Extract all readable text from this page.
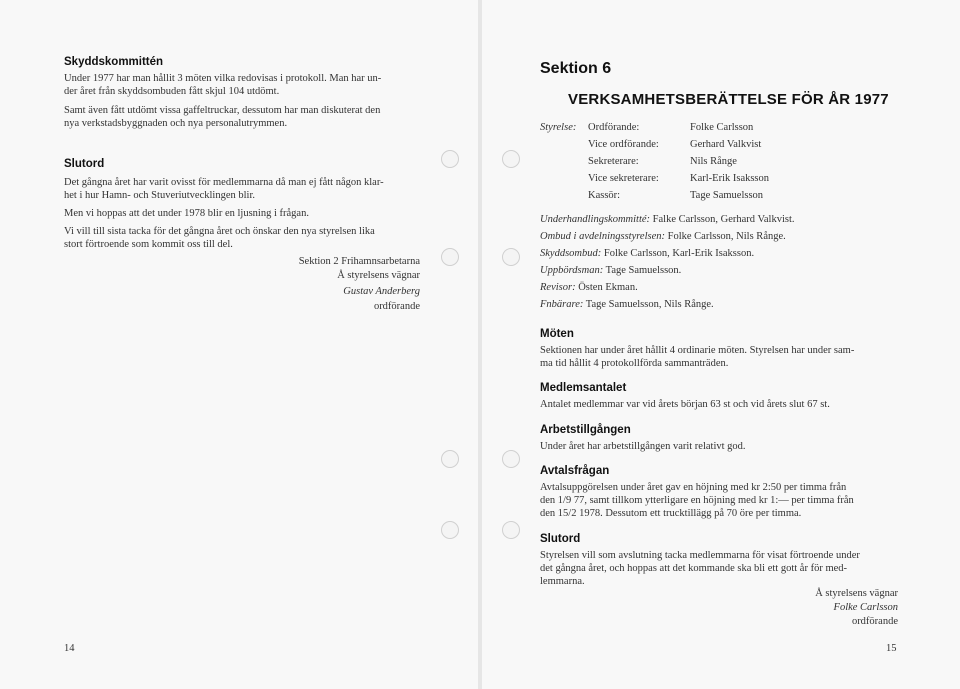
Skyddskommittén
Under 1977 har man hållit 3 möten vilka redovisas i protokoll. Man har un-
der året från skyddsombuden fått skjul 104 utdömt.
Samt även fått utdömt vissa gaffeltruckar, dessutom har man diskuterat den
nya verkstadsbyggnaden och nya personalutrymmen.
Slutord
Det gångna året har varit ovisst för medlemmarna då man ej fått någon klar-
het i hur Hamn- och Stuveriutvecklingen blir.
Men vi hoppas att det under 1978 blir en ljusning i frågan.
Vi vill till sista tacka för det gångna året och önskar den nya styrelsen lika
stort förtroende som kommit oss till del.
Sektion 2 Frihamnsarbetarna
Å styrelsens vägnar
Gustav Anderberg
ordförande
14
Sektion 6
VERKSAMHETSBERÄTTELSE FÖR ÅR 1977
Styrelse: Ordförande:	Folke Carlsson
Vice ordförande:	Gerhard Valkvist
Sekreterare:	Nils Rånge
Vice sekreterare:	Karl-Erik Isaksson
Kassör:	Tage Samuelsson
Underhandlingskommitté: Falke Carlsson, Gerhard Valkvist.
Ombud i avdelningsstyrelsen: Folke Carlsson, Nils Rånge.
Skyddsombud: Folke Carlsson, Karl-Erik Isaksson.
Uppbördsman: Tage Samuelsson.
Revisor: Östen Ekman.
Fnbärare: Tage Samuelsson, Nils Rånge.
Möten
Sektionen har under året hållit 4 ordinarie möten. Styrelsen har under sam-
ma tid hållit 4 protokollförda sammanträden.
Medlemsantalet
Antalet medlemmar var vid årets början 63 st och vid årets slut 67 st.
Arbetstillgången
Under året har arbetstillgången varit relativt god.
Avtalsfrågan
Avtalsuppgörelsen under året gav en höjning med kr 2:50 per timma från
den 1/9 77, samt tillkom ytterligare en höjning med kr 1:— per timma från
den 15/2 1978. Dessutom ett trucktillägg på 70 öre per timma.
Slutord
Styrelsen vill som avslutning tacka medlemmarna för visat förtroende under
det gångna året, och hoppas att det kommande ska bli ett gott år för med-
lemmarna.
Å styrelsens vägnar
Folke Carlsson
ordförande
15
